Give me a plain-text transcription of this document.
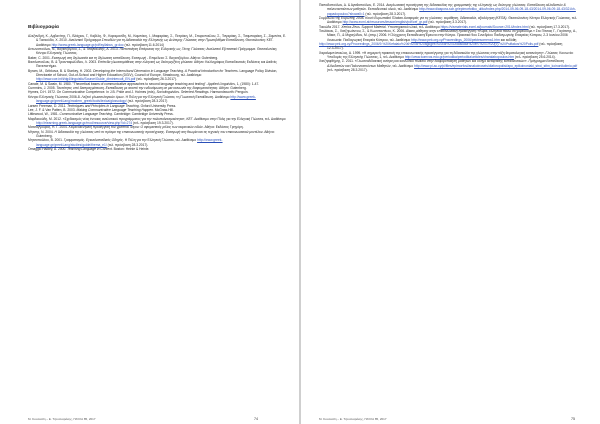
Βιβλιογραφία

Αλεξανδρή, Κ., Αρβανίτης, Π., Βλάχιου, Γ., Καβέλη, Φ., Καραμανίδη, Μ., Καμπάκη, Ι., Μαφαράκη, Σ., Πετράκη, Μ., Σπυροπούλου, Σ., Ταγαράκη, Σ., Τσαμπαράκη, Σ., Ζαμπέτα, Ε. & Τοσκούδα, Χ. 2010. Αναλυτικό Πρόγραμμα Σπουδών για τη Διδασκαλία της Ελληνικής ως Δεύτερης Γλώσσας στην Πρωτοβάθμια Εκπαίδευση. Θεσσαλονίκη: ΚΕΓ. Διαθέσιμο http://www.greek-language.gr/pdf/syllabus_gr.doc (τελ. πρόσβαση 11.6.2014)

Αντωνοπούλου, Ν., Βογιατζόγλου, Σ., & Τσαγκαλίδης, Α. 2013. Πιστοποίηση Επάρκειας της Ελληνικής ως Ξένης Γλώσσας: Αναλυτικό Εξεταστικό Πρόγραμμα. Θεσσαλονίκη: Κέντρο Ελληνικής Γλώσσας.

Baker, C. 2001. Εισαγωγή στη διγλωσσία και τη δίγλωσση εκπαίδευση. Εισαγωγή - Επιμέλεια: Σ. Βογιατζόγλου. Αθήνα: Gutenberg.

Βασιλοπούλου, Β. & Τριανταφυλλίδου, Λ. 2003. Επίπεδα γλωσσομάθειας στην ελληνική ως δεύτερη/ξένη γλώσσα. Αθήνα: Καλλιγράφος Εκπαιδευτικές Εκδόσεις και Διεθνές Πανεπιστήμιο.

Byram, M., Gribkova, B. & Starkey, H. 2002. Developing the Intercultural Dimension in Language Teaching. A Practical Introduction for Teachers. Language Policy Division, Directorate of School, Out-of-School and Higher Education (DGIV), Council of Europe, Strasbourg, τελ. Διαθέσιμο http://www.coe.int/t/dg4/linguistic/Source/Guide_dimintercult_EN.pdf (τελ. πρόσβαση 26.3.2017).

Canale, M. & Swain, M. 1980. "Theoretical bases of communicative approaches to second language teaching and testing". Applied Linguistics, 1, (1980): 1-47.

Cummins, J. 2005. Ταυτότητες υπό διαπραγμάτευση. Εκπαίδευση με σκοπό την ενδυνάμωση σε μια κοινωνία της διαφορετικότητας. Αθήνα: Gutenberg.

Hymes, D.H. 1972. On Communicative Competence. In J.B. Pride and J. Holmes (eds), Sociolinguistics. Selected Readings. Harmondsworth: Penguin.

Κέντρο Ελληνικής Γλώσσας 2006-8. Λεξικό γλωσσολογικών όρων. Η Πύλη για την Ελληνική Γλώσσα, τη Γλωσσική Εκπαίδευση. Διαθέσιμο http://www.greek-language.gr/greekLang/modern_greek/tools/lexica/glossology/ (τελ. πρόσβαση 28.3.2017)

Larsen Freeman, D. 2011. Techniques and Principles in Language Teaching. Oxford University Press.

Lee, J. F. & Van Patten, B. 2003. Making Communicative Language Teaching Happen. McGraw-Hill.

Littlewood, W., 1981. Communicative Language Teaching. Cambridge: Cambridge University Press.

Μαρδακούδη, Μ. 2012. «Σχεδιασμός νέας έννοιας αναλυτικού προγράμματος για την πολυπολιτισμικότητα», ΚΕΓ. Διαθέσιμο στην Πύλη για την Ελληνική Γλώσσα, τελ. Διαθέσιμο http://elearning.greek-language.gr/mod/resource/view.php?id=274 (τελ. πρόσβαση 19.3.2017).

Ματσαγγούρας, Η. Γ. 2004. Κειμενοκεντρική προσέγγιση του γραπτού λόγου: Ο αφοριστικός ρόλος των κειμενικών ειδών. Αθήνα: Εκδόσεις Γρηγόρη.

Μήτσης, Ν. 2004. Η διδασκαλία της γλώσσας υπό το πρίσμα της επικοινωνιακής προσέγγισης. Εισαγωγή στη θεωρία και τις τεχνικές του επικοινωνιακού μοντέλου. Αθήνα: Gutenberg.

Μητσοπούλου, Β. 2001. Γραμματισμός. Εγκυκλοπαιδικός Οδηγός. Η Πύλη για την Ελληνική Γλώσσα, τελ. Διαθέσιμο http://www.greek-language.gr/greekLang/studies/guide/thema_e1/ (τελ. πρόσβαση 28.3.2017).

Omaggio Hadley, A. 2000. Teaching Language in Context. Boston: Heinle & Heinle.

Μ. Κουλούδη – Ε. Τζουαναράκης, ΠΑΥΛΑ 85, 2017	74

Παπαδοπούλου, Δ. & Αγαθοπούλου, Ε. 2014. Διαγλωσσική προσέγγιση της διδασκαλίας της γραμματικής της ελληνικής ως δεύτερης γλώσσας. Εκπαίδευση αλλοδαπών & παλιννοστούντων μαθητών. Εκπαιδευτικό υλικό, τελ. Διαθέσιμο http://www.diaspora-sch.gr/epimorfotiko_uliko/index.php/2014-09-06-09-18-43/2014-09-06-09-18-43/32-ikh-papadopoulou?showall=1 (τελ. πρόσβαση 28.3.2017).

Συμβούλιο της Ευρώπης 2008. Κοινό Ευρωπαϊκό Πλαίσιο Αναφοράς για τις γλώσσες: εκμάθηση, διδασκαλία, αξιολόγηση (ΚΕΠΑ). Θεσσαλονίκη: Κέντρο Ελληνικής Γλώσσας, τελ. Διαθέσιμο http://www.ecml.at/resources/lesson/english/pdf/cef_gr.pdf (τελ. πρόσβαση 3.3.2017).

Τοκιώδα 2017. Xenios Zeus. Support Material. Υποστηρικτικό υλικό, τελ. Διαθέσιμο https://vismaterials.ecml.at/journals/Source=2014/index.html (τελ. πρόσβαση 17.3.2017).

Τσολάκου, Σ., Χατζηιωάννου, Σ., & Κωνσταντίνου, Κ. 2006. Δίκαιο μάθησης στην επικοινωνιακή προσέγγιση: «Κύριε, ελληνικά πάνω να χορεύουμε.» Στο Πίτσιας Γ., Γαγάτσης, Α., Μάκιτ, Π., & Μιχαηλίδου, Μ. (επιμ.) 2006. Η Σύγχρονη Εκπαίδευση/Έρευνα στην Κύπρο. Πρακτικά 9ου Συνεδρίου Παιδαγωγικής Εταιρείας Κύπρου, 2-3 Ιουνίου 2006 Λευκωσία: Παιδαγωγική Εταιρεία Κύπρου, τελ. Διαθέσιμο http://www.pek.org.cy/Proceedings_2006/pektesomena1.htm και εκδόθη

http://www.pek.org.cy/Proceedings_2006/9.%20Kefalaio%206%20B%20agoges%20kai%20Didaskalia%20en.%201%20(9).%20Psifiakos%20Polis.pdf (τελ. πρόσβαση 12.3.2017).

Χαραλαμπόπουλος, Α. 1999. «Η σημερινή πρακτική της επικοινωνιακής προσέγγισης για τη διδασκαλία της γλώσσας στην τάξη θεματολογική κατανόηση». Γλώσσα, Κοινωνία: Υποδομές της Ελληνικής Γλώσσας, 1, τελ. Διαθέσιμο http://www.komvos.edu.gr/periodika/periodika/articles/charalabopoulos.htm (τελ. πρόσβαση 25.6.2014).

Χατζηεφθήμης, Σ. 2011. «Γλωσσοδιδακτική ανάγκη και κοινωνικό πλαίσιο στην διαφοροποίηση μαθητών και οδηγό κατάρτισης εκπαιδευτικών». Πρόγραμμα Εκπαίδευση Αλλοδαπών και Παλιννοστούντων Μαθητών, τελ. Διαθέσιμο http://www.pi.ac.cy/pi/files/epimorfosi/anakoinoseis/diaforopoiisi/apo_epikoinoniaki_stroi_sthn_koinonikdimio.pdf (τελ. πρόσβαση 28.3.2017).

Μ. Κουλούδη – Ε. Τζουαναράκης, ΠΑΥΛΑ 85, 2017	75
